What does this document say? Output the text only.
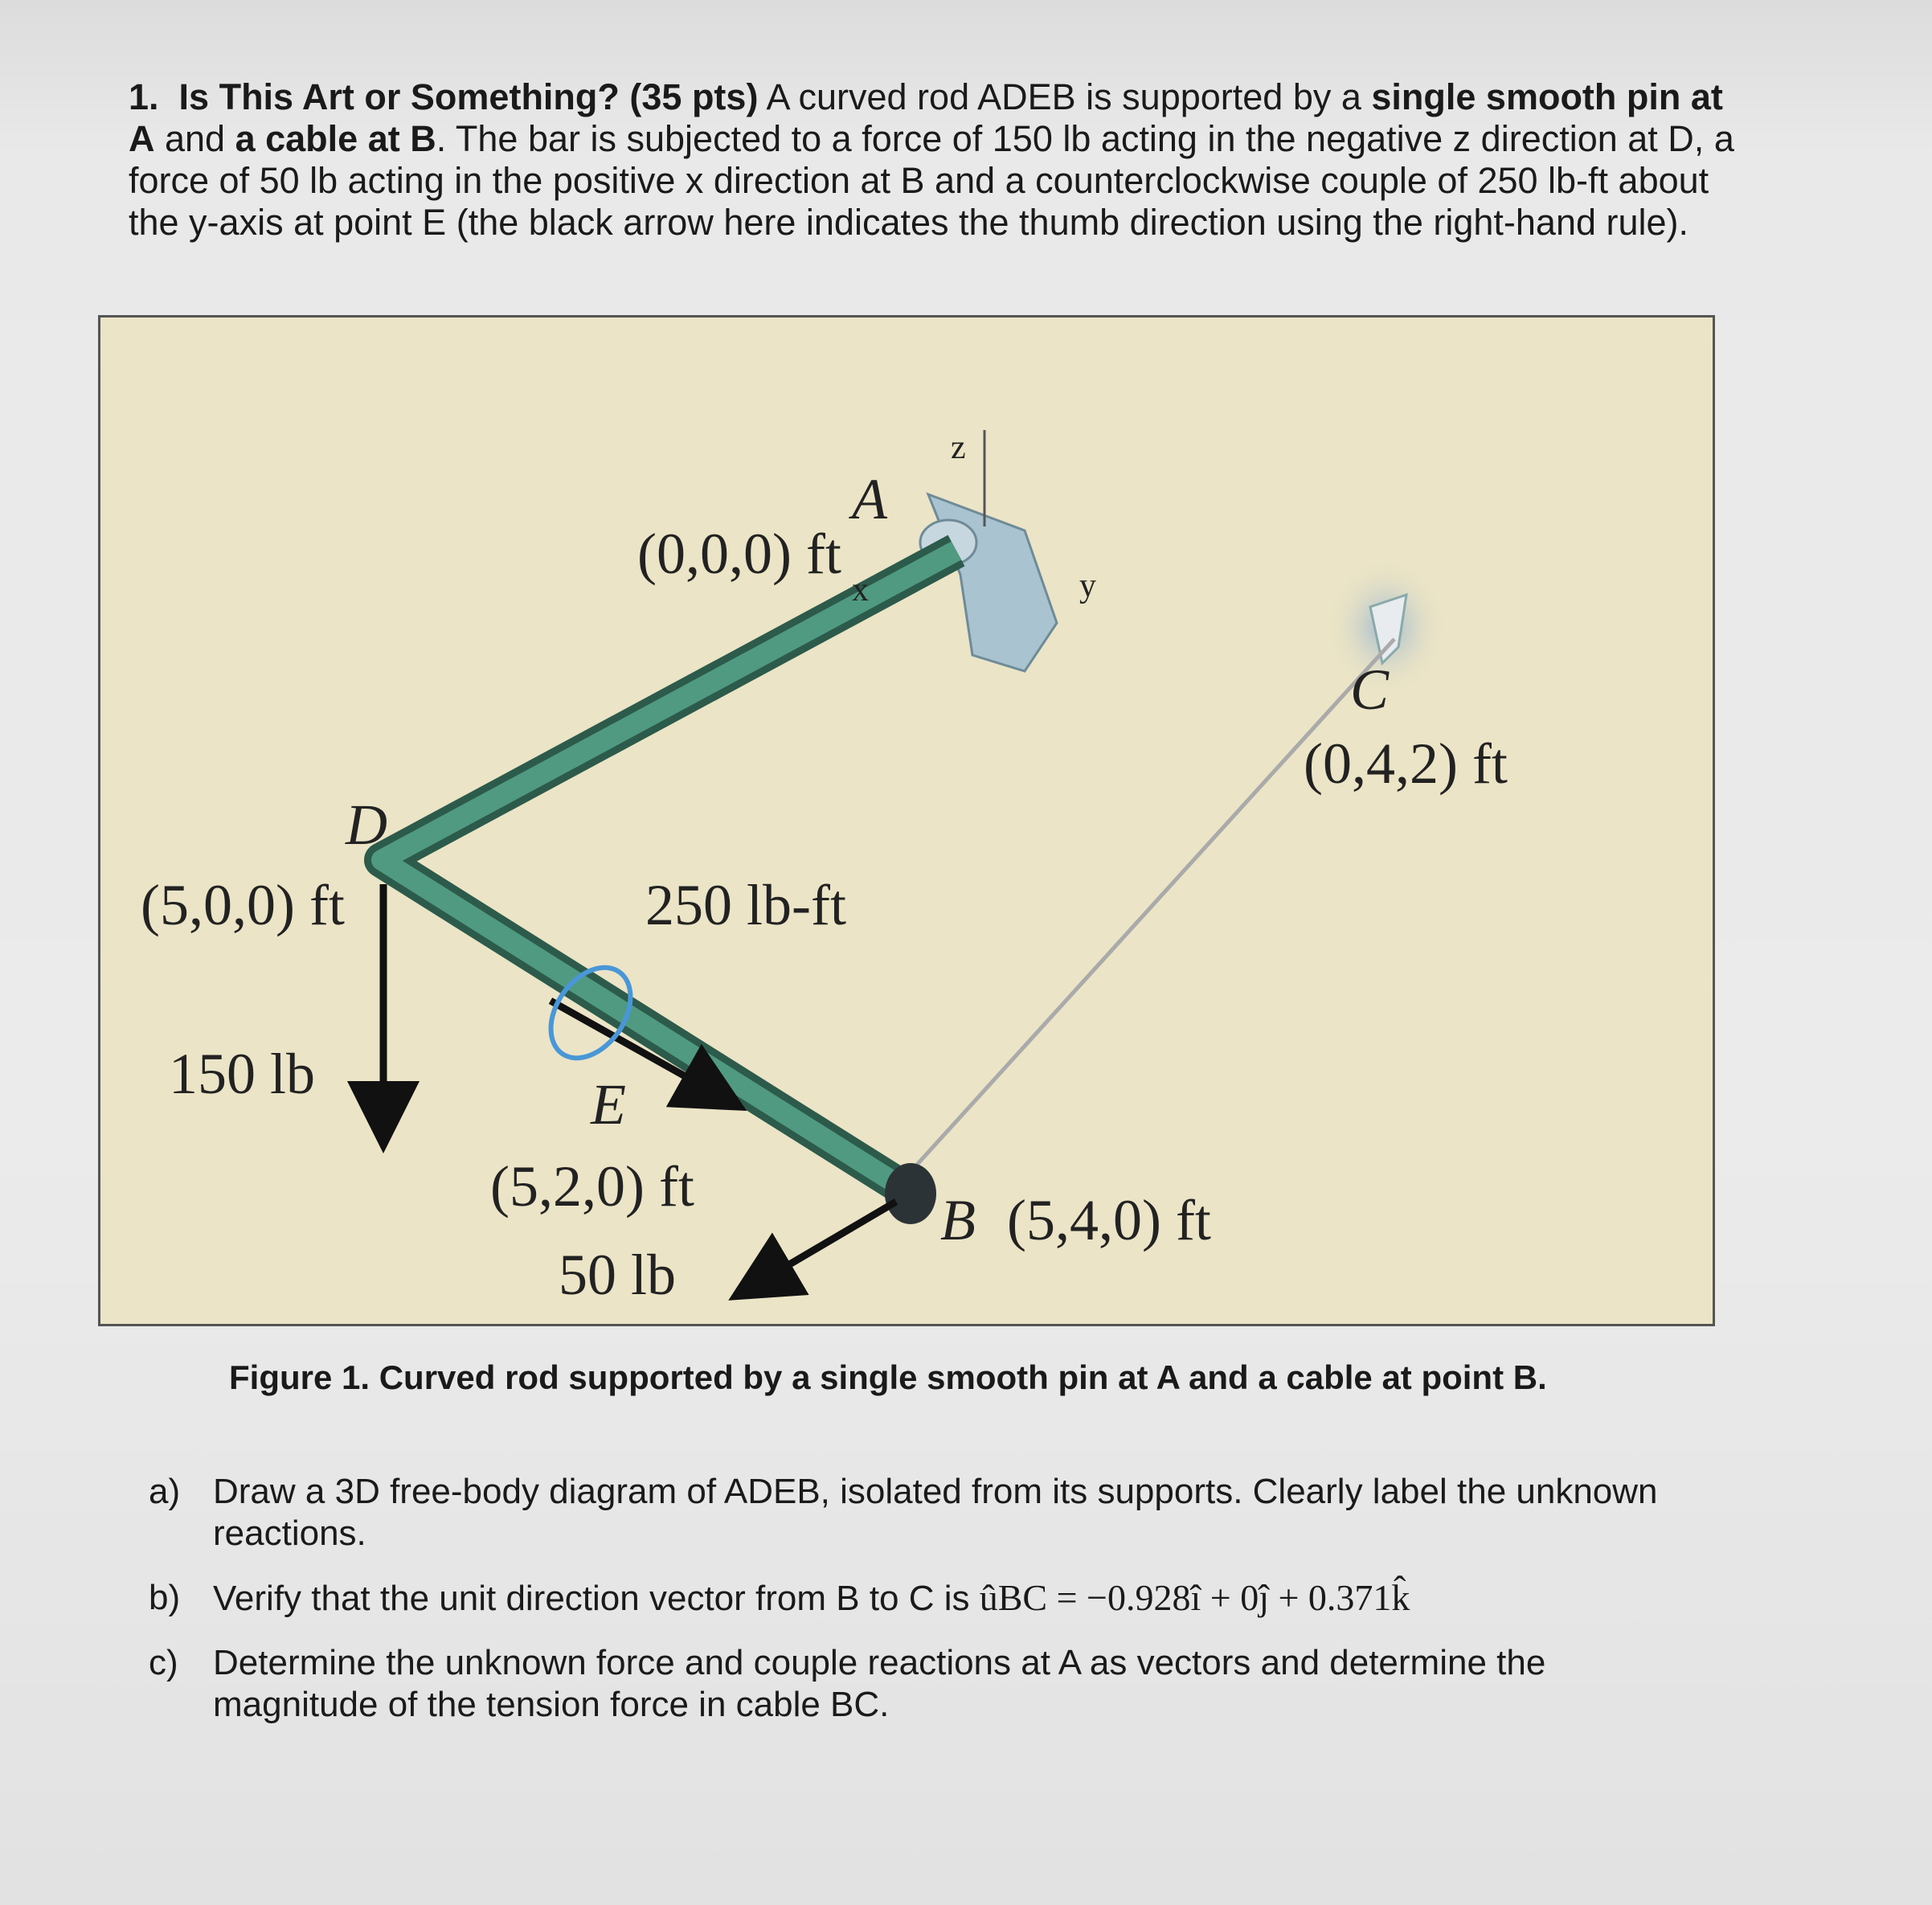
1. Is This Art or Something? (35 pts) A curved rod ADEB is supported by a single smooth pin at A and a cable at B. The bar is subjected to a force of 150 lb acting in the negative z direction at D, a force of 50 lb acting in the positive x direction at B and a counterclockwise couple of 250 lb-ft about the y-axis at point E (the black arrow here indicates the thumb direction using the right-hand rule).
A
(0,0,0) ft
z
y
x
C
(0,4,2) ft
D
(5,0,0) ft	250 lb-ft
150 lb	E
(5,2,0) ft
B (5,4,0) ft
50 lb
Figure 1. Curved rod supported by a single smooth pin at A and a cable at point B.
a) Draw a 3D free-body diagram of ADEB, isolated from its supports. Clearly label the unknown reactions.
b) Verify that the unit direction vector from B to C is ûBC = −0.928î + 0ĵ + 0.371k̂
c) Determine the unknown force and couple reactions at A as vectors and determine the magnitude of the tension force in cable BC.
